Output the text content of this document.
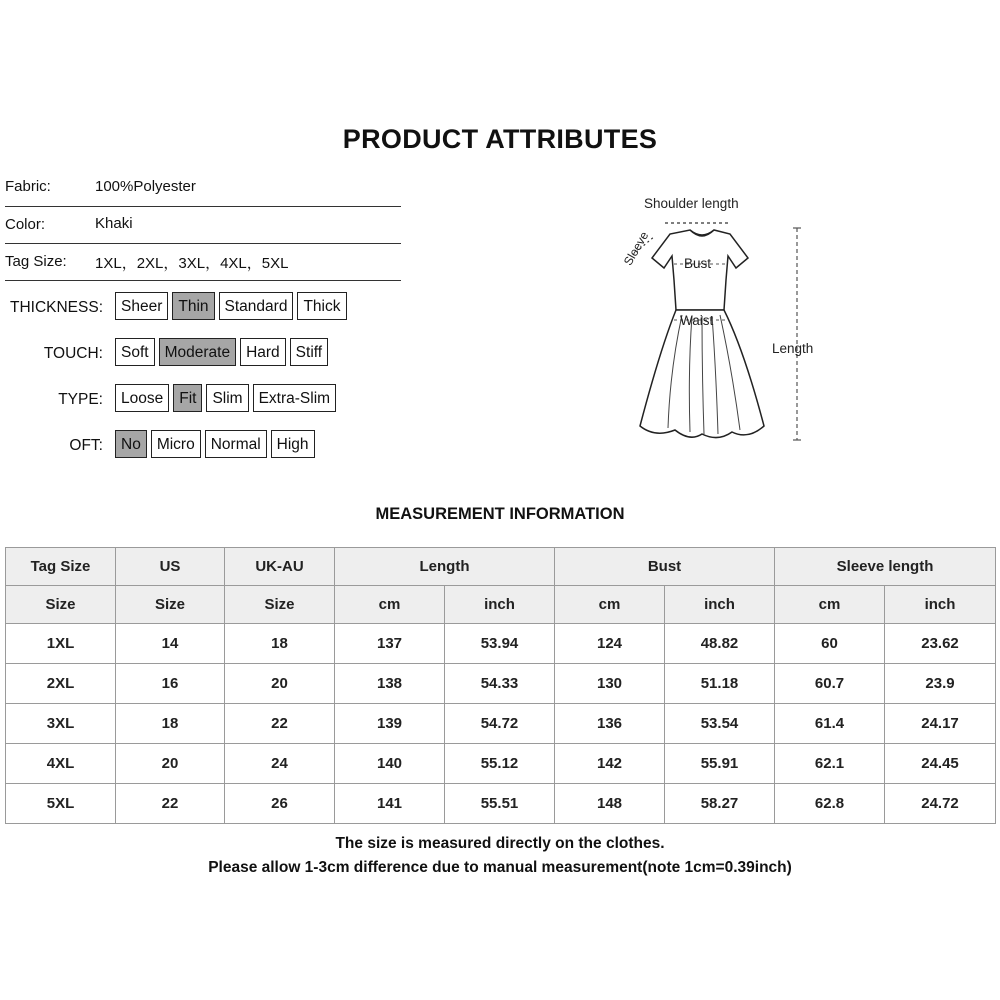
PRODUCT ATTRIBUTES
Fabric:	100%Polyester
Color:	Khaki
Tag Size: 1XL，2XL，3XL，4XL，5XL
THICKNESS:	Sheer	Thin	Standard	Thick
TOUCH:	Soft	Moderate	Hard	Stiff
TYPE:	Loose	Fit	Slim	Extra-Slim
OFT:	No	Micro	Normal	High
Shoulder length
Sleeve Bust
Waist
Length
MEASUREMENT INFORMATION
Tag Size	US	UK-AU	Length		Bust		Sleeve length	
Size	Size	Size	cm	inch	cm	inch	cm	inch
1XL	14	18	137	53.94	124	48.82	60	23.62
2XL	16	20	138	54.33	130	51.18	60.7	23.9
3XL	18	22	139	54.72	136	53.54	61.4	24.17
4XL	20	24	140	55.12	142	55.91	62.1	24.45
5XL	22	26	141	55.51	148	58.27	62.8	24.72
The size is measured directly on the clothes.
Please allow 1-3cm difference due to manual measurement(note 1cm=0.39inch)
